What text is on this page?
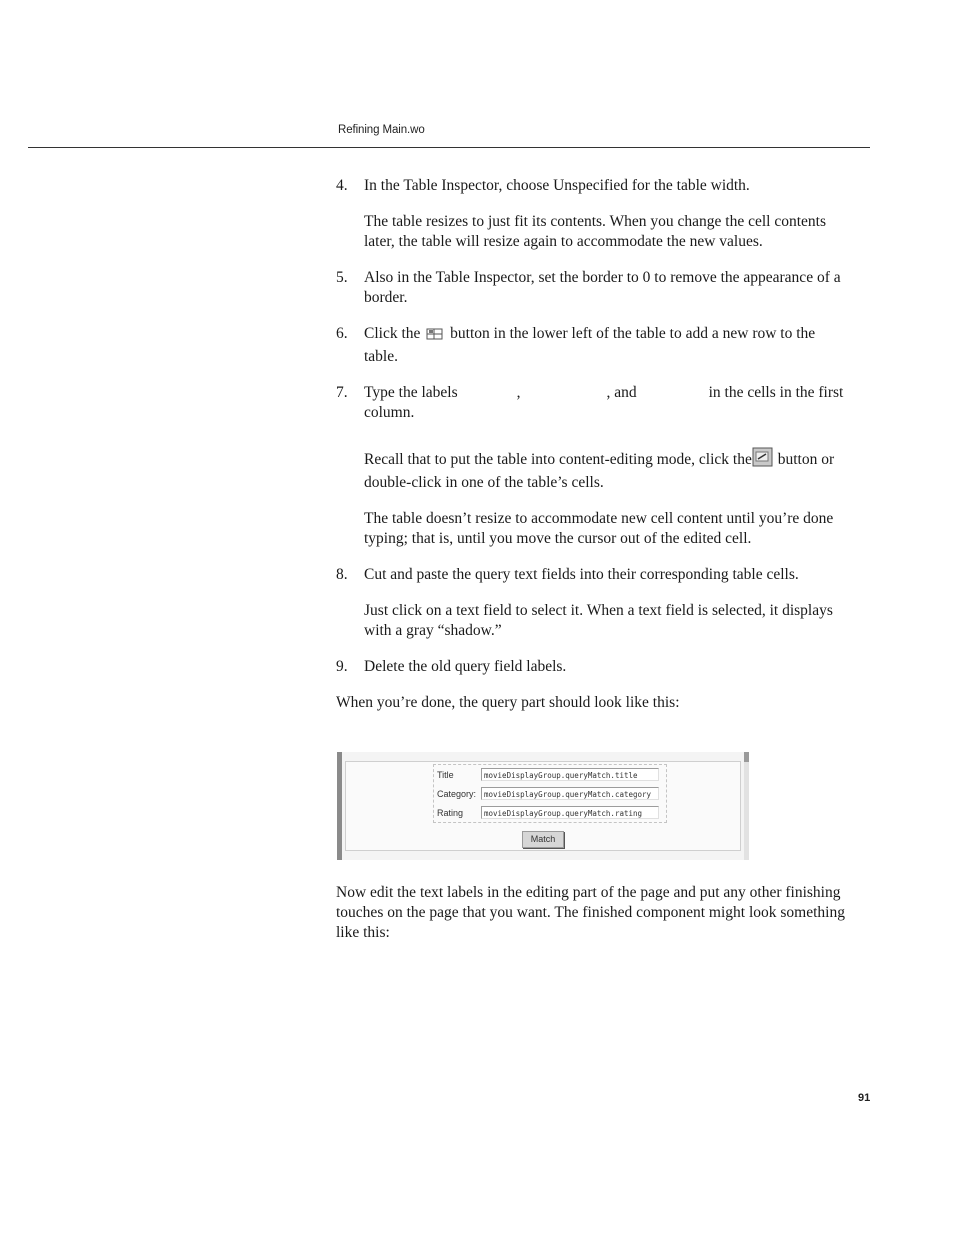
Refining Main.wo
4. In the Table Inspector, choose Unspecified for the table width.

The table resizes to just fit its contents. When you change the cell contents later, the table will resize again to accommodate the new values.

5. Also in the Table Inspector, set the border to 0 to remove the appearance of a border.
6. Click the button in the lower left of the table to add a new row to the table.
7. Type the labels	,	, and	in the cells in the first column.

Recall that to put the table into content-editing mode, click the button or double-click in one of the table’s cells.

The table doesn’t resize to accommodate new cell content until you’re done typing; that is, until you move the cursor out of the edited cell.

8. Cut and paste the query text fields into their corresponding table cells.

Just click on a text field to select it. When a text field is selected, it displays with a gray “shadow.”

9. Delete the old query field labels.

When you’re done, the query part should look like this:

Title	movieDisplayGroup.queryMatch.title
Category:	movieDisplayGroup.queryMatch.category
Rating	movieDisplayGroup.queryMatch.rating
Match

Now edit the text labels in the editing part of the page and put any other finishing touches on the page that you want. The finished component might look something like this:

91
